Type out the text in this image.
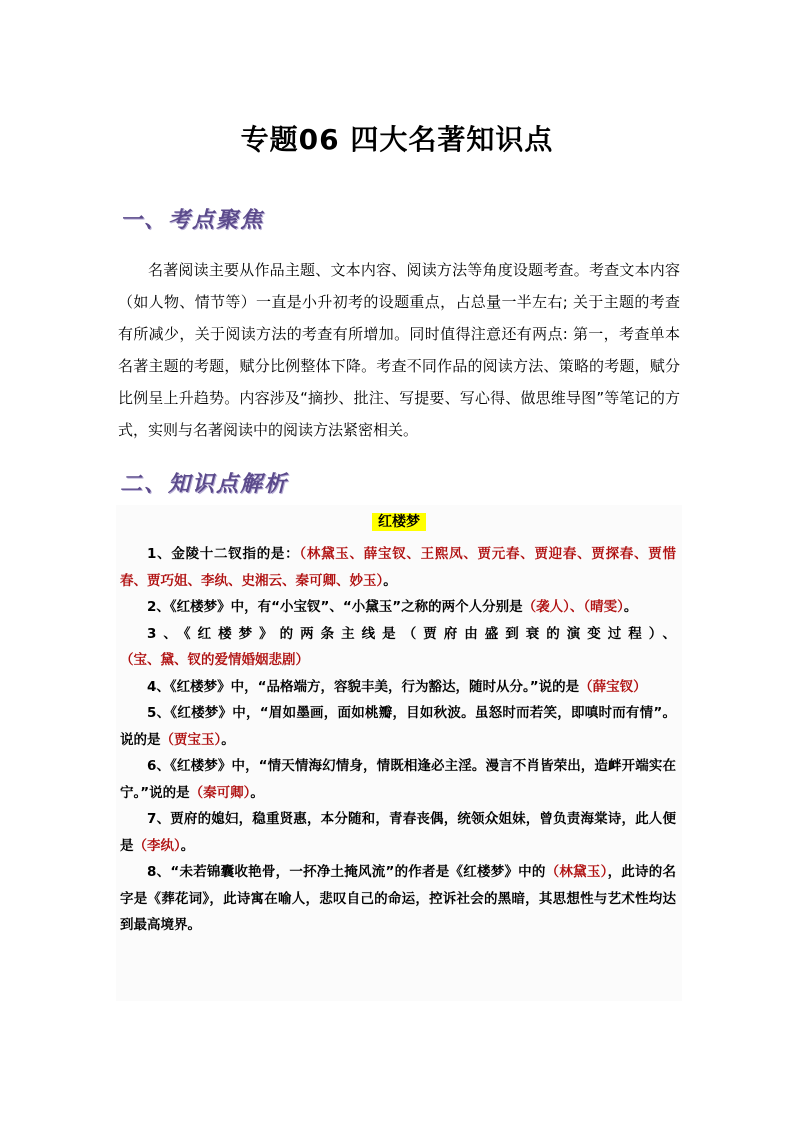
专题06 四大名著知识点
一、考点聚焦

名著阅读主要从作品主题、文本内容、阅读方法等角度设题考查。考查文本内容（如人物、情节等）一直是小升初考的设题重点，占总量一半左右; 关于主题的考查有所减少，关于阅读方法的考查有所增加。同时值得注意还有两点: 第一，考查单本名著主题的考题，赋分比例整体下降。考查不同作品的阅读方法、策略的考题，赋分比例呈上升趋势。内容涉及“摘抄、批注、写提要、写心得、做思维导图”等笔记的方式，实则与名著阅读中的阅读方法紧密相关。

二、知识点解析
红楼梦

1、金陵十二钗指的是：（林黛玉、薛宝钗、王熙凤、贾元春、贾迎春、贾探春、贾惜春、贾巧姐、李纨、史湘云、秦可卿、妙玉）。

2、《红楼梦》中，有“小宝钗”、“小黛玉”之称的两个人分别是（袭人）、（晴雯）。

3、《红楼梦》的两条主线是（贾府由盛到衰的演变过程）、（宝、黛、钗的爱情婚姻悲剧）

4、《红楼梦》中，“品格端方，容貌丰美，行为豁达，随时从分。”说的是（薛宝钗）

5、《红楼梦》中，“眉如墨画，面如桃瓣，目如秋波。虽怒时而若笑，即嗔时而有情”。说的是（贾宝玉）。

6、《红楼梦》中，“情天情海幻情身，情既相逢必主淫。漫言不肖皆荣出，造衅开端实在宁。”说的是（秦可卿）。

7、贾府的媳妇，稳重贤惠，本分随和，青春丧偶，统领众姐妹，曾负责海棠诗，此人便是（李纨）。

8、“未若锦囊收艳骨，一抔净土掩风流”的作者是《红楼梦》中的（林黛玉），此诗的名字是《葬花词》，此诗寓在喻人，悲叹自己的命运，控诉社会的黑暗，其思想性与艺术性均达到最高境界。
